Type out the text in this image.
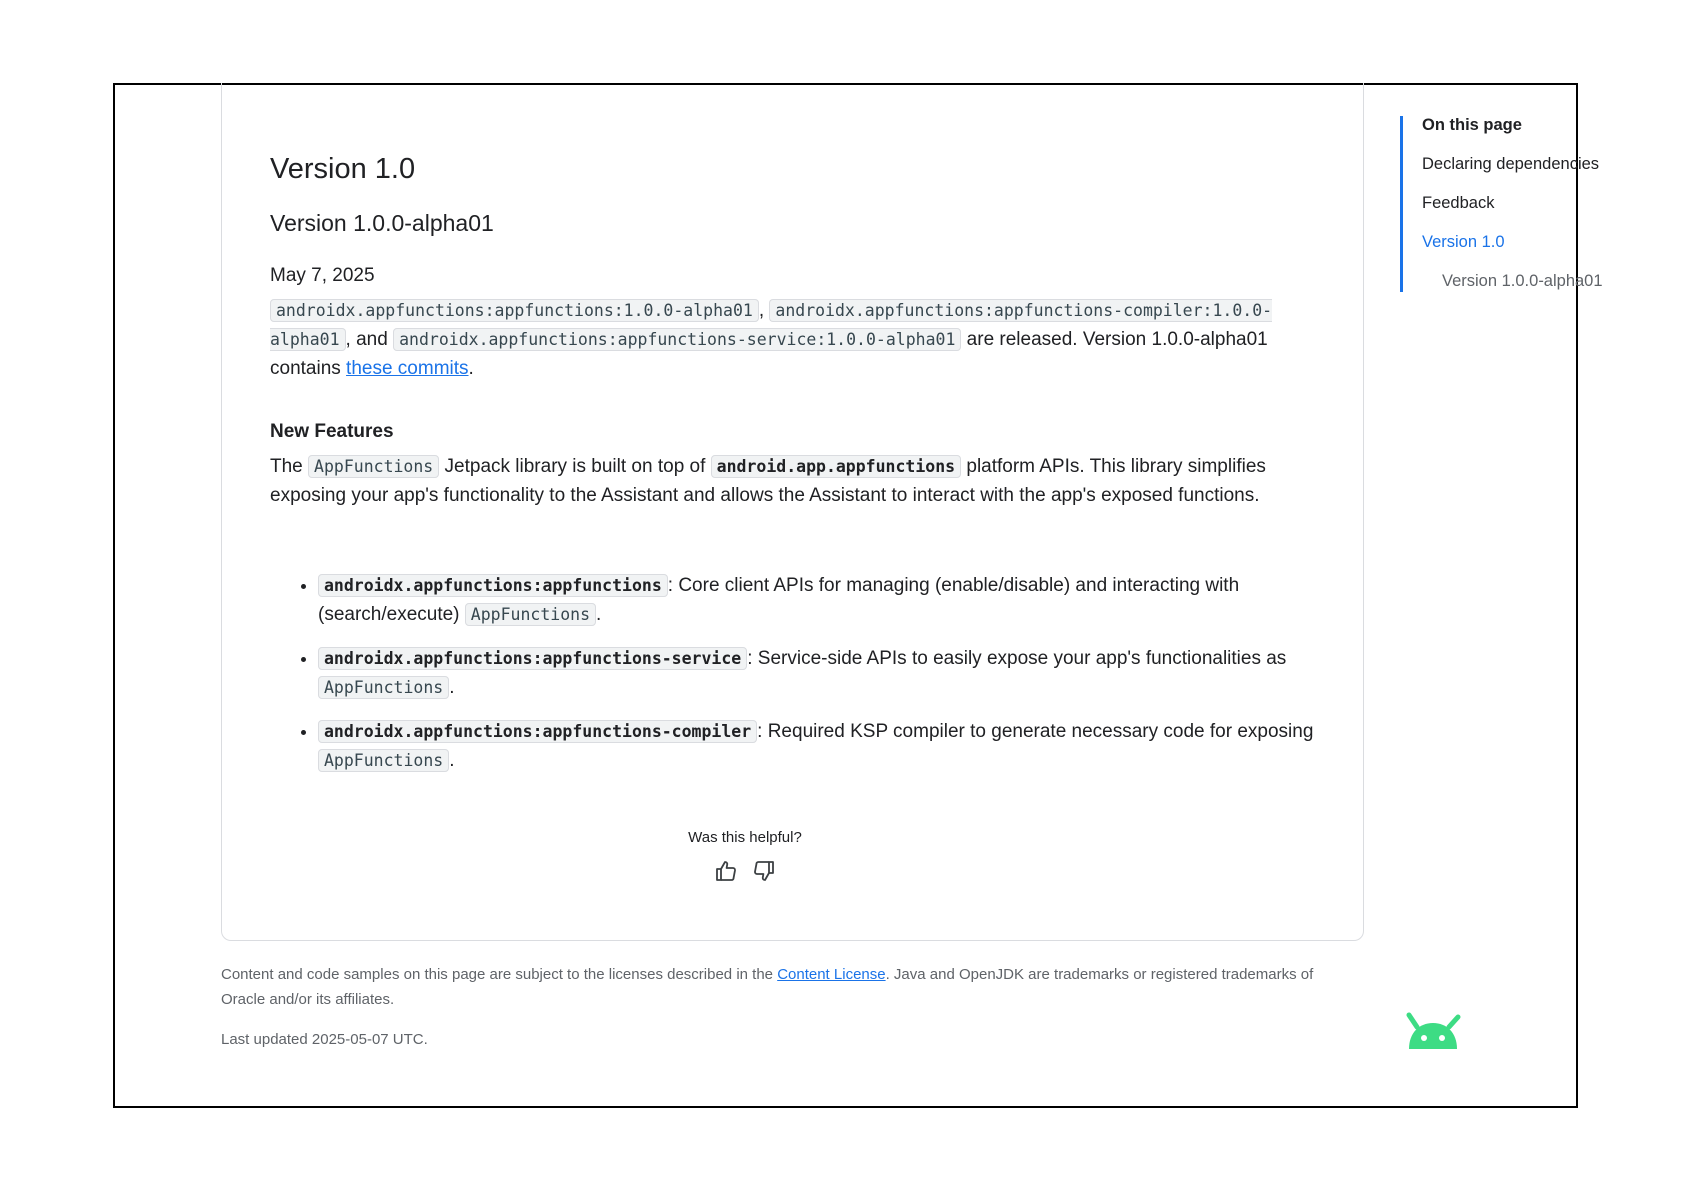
Version 1.0
Version 1.0.0-alpha01
May 7, 2025

androidx.appfunctions:appfunctions:1.0.0-alpha01 , androidx.appfunctions:appfunctions-compiler:1.0.0-alpha01 , and androidx.appfunctions:appfunctions-service:1.0.0-alpha01 are released. Version 1.0.0-alpha01 contains these commits.

New Features

The AppFunctions Jetpack library is built on top of android.app.appfunctions platform APIs. This library simplifies exposing your app's functionality to the Assistant and allows the Assistant to interact with the app's exposed functions.

• androidx.appfunctions:appfunctions : Core client APIs for managing (enable/disable) and interacting with (search/execute) AppFunctions .
• androidx.appfunctions:appfunctions-service : Service-side APIs to easily expose your app's functionalities as AppFunctions .
• androidx.appfunctions:appfunctions-compiler : Required KSP compiler to generate necessary code for exposing AppFunctions .
Was this helpful?

Content and code samples on this page are subject to the licenses described in the Content License. Java and OpenJDK are trademarks or registered trademarks of Oracle and/or its affiliates.
Last updated 2025-05-07 UTC.
On this page
Declaring dependencies
Feedback
Version 1.0
Version 1.0.0-alpha01
